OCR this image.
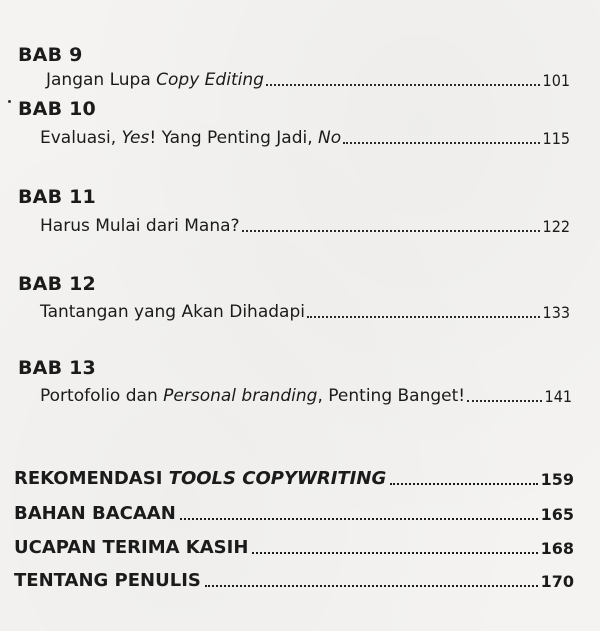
BAB 9
Jangan Lupa Copy Editing	101
BAB 10
Evaluasi, Yes! Yang Penting Jadi, No	115
BAB 11
Harus Mulai dari Mana?	122
BAB 12
Tantangan yang Akan Dihadapi	133
BAB 13
Portofolio dan Personal branding, Penting Banget!	141
REKOMENDASI TOOLS COPYWRITING	159
BAHAN BACAAN	165
UCAPAN TERIMA KASIH	168
TENTANG PENULIS	170
